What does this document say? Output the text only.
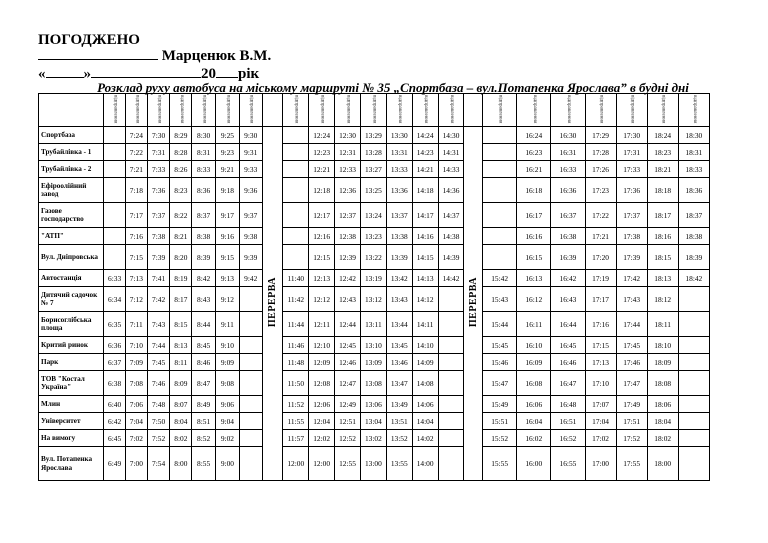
ПОГОДЖЕНО
Марценюк В.М.
«	»	20 рік
Розклад руху автобуса на міському маршруті № 35 „Спортбаза – вул.Потапенка Ярослава” в будні дні
	відправлення	відправлення	відправлення	відправлення	відправлення	відправлення	відправлення		відправлення	відправлення	відправлення	відправлення	відправлення	відправлення	відправлення		відправлення	відправлення	відправлення	відправлення	відправлення	відправлення	відправлення
Спортбаза		7:24	7:30	8:29	8:30	9:25	9:30	ПЕРЕРВА		12:24	12:30	13:29	13:30	14:24	14:30	ПЕРЕРВА		16:24	16:30	17:29	17:30	18:24	18:30
Трубайлівка - 1		7:22	7:31	8:28	8:31	9:23	9:31			12:23	12:31	13:28	13:31	14:23	14:31			16:23	16:31	17:28	17:31	18:23	18:31
Трубайлівка - 2		7:21	7:33	8:26	8:33	9:21	9:33			12:21	12:33	13:27	13:33	14:21	14:33			16:21	16:33	17:26	17:33	18:21	18:33
Ефіроолійний завод		7:18	7:36	8:23	8:36	9:18	9:36			12:18	12:36	13:25	13:36	14:18	14:36			16:18	16:36	17:23	17:36	18:18	18:36
Газове господарство		7:17	7:37	8:22	8:37	9:17	9:37			12:17	12:37	13:24	13:37	14:17	14:37			16:17	16:37	17:22	17:37	18:17	18:37
"АТП"		7:16	7:38	8:21	8:38	9:16	9:38			12:16	12:38	13:23	13:38	14:16	14:38			16:16	16:38	17:21	17:38	18:16	18:38
Вул. Дніпровська		7:15	7:39	8:20	8:39	9:15	9:39			12:15	12:39	13:22	13:39	14:15	14:39			16:15	16:39	17:20	17:39	18:15	18:39
Автостанція	6:33	7:13	7:41	8:19	8:42	9:13	9:42		11:40	12:13	12:42	13:19	13:42	14:13	14:42		15:42	16:13	16:42	17:19	17:42	18:13	18:42
Дитячий садочок № 7	6:34	7:12	7:42	8:17	8:43	9:12			11:42	12:12	12:43	13:12	13:43	14:12			15:43	16:12	16:43	17:17	17:43	18:12	
Борисоглібська площа	6:35	7:11	7:43	8:15	8:44	9:11			11:44	12:11	12:44	13:11	13:44	14:11			15:44	16:11	16:44	17:16	17:44	18:11	
Критий ринок	6:36	7:10	7:44	8:13	8:45	9:10			11:46	12:10	12:45	13:10	13:45	14:10			15:45	16:10	16:45	17:15	17:45	18:10	
Парк	6:37	7:09	7:45	8:11	8:46	9:09			11:48	12:09	12:46	13:09	13:46	14:09			15:46	16:09	16:46	17:13	17:46	18:09	
ТОВ "Костал Україна"	6:38	7:08	7:46	8:09	8:47	9:08			11:50	12:08	12:47	13:08	13:47	14:08			15:47	16:08	16:47	17:10	17:47	18:08	
Млин	6:40	7:06	7:48	8:07	8:49	9:06			11:52	12:06	12:49	13:06	13:49	14:06			15:49	16:06	16:48	17:07	17:49	18:06	
Університет	6:42	7:04	7:50	8:04	8:51	9:04			11:55	12:04	12:51	13:04	13:51	14:04			15:51	16:04	16:51	17:04	17:51	18:04	
На вимогу	6:45	7:02	7:52	8:02	8:52	9:02			11:57	12:02	12:52	13:02	13:52	14:02			15:52	16:02	16:52	17:02	17:52	18:02	
Вул. Потапенка Ярослава	6:49	7:00	7:54	8:00	8:55	9:00			12:00	12:00	12:55	13:00	13:55	14:00			15:55	16:00	16:55	17:00	17:55	18:00	
